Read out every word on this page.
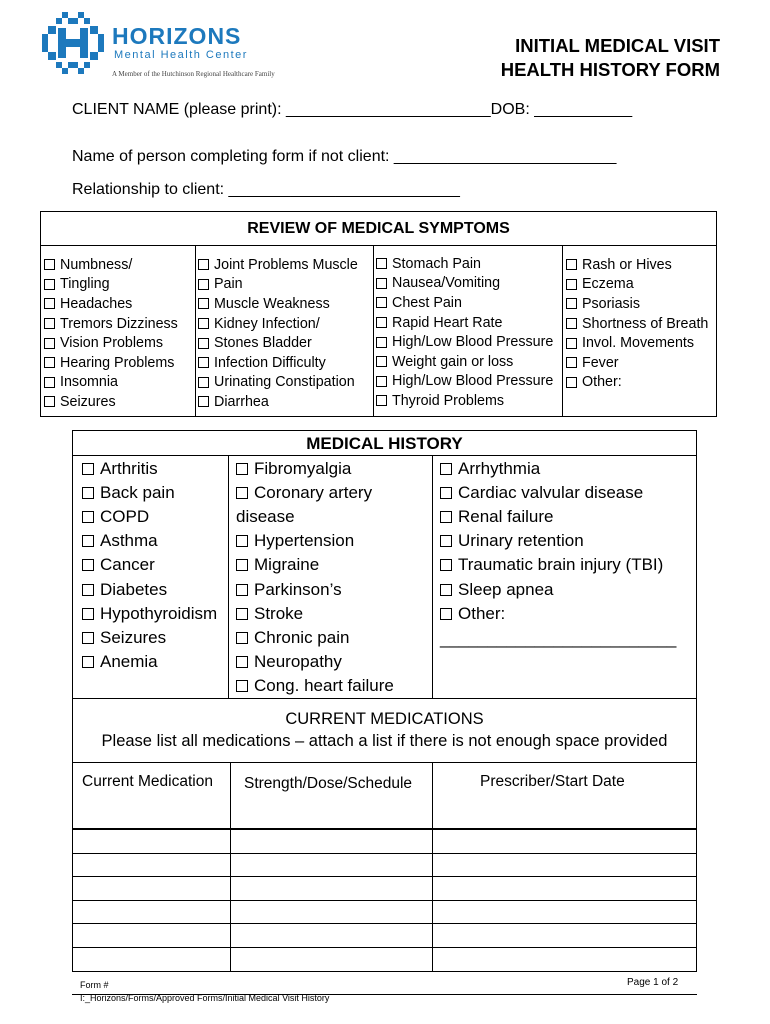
HORIZONS
Mental Health Center
A Member of the Hutchinson Regional Healthcare Family
INITIAL MEDICAL VISIT
HEALTH HISTORY FORM
CLIENT NAME (please print): _______________________DOB: ___________
Name of person completing form if not client: _________________________
Relationship to client: __________________________
REVIEW OF MEDICAL SYMPTOMS
Numbness/
Tingling
Headaches
Tremors Dizziness
Vision Problems
Hearing Problems
Insomnia
Seizures
Joint Problems Muscle
Pain
Muscle Weakness
Kidney Infection/
Stones Bladder
Infection Difficulty
Urinating Constipation
Diarrhea
Stomach Pain
Nausea/Vomiting
Chest Pain
Rapid Heart Rate
High/Low Blood Pressure
Weight gain or loss
High/Low Blood Pressure
Thyroid Problems
Rash or Hives
Eczema
Psoriasis
Shortness of Breath
Invol. Movements
Fever
Other:
MEDICAL HISTORY
Arthritis
Back pain
COPD
Asthma
Cancer
Diabetes
Hypothyroidism
Seizures
Anemia
Fibromyalgia
Coronary artery
disease
Hypertension
Migraine
Parkinson’s
Stroke
Chronic pain
Neuropathy
Cong. heart failure
Arrhythmia
Cardiac valvular disease
Renal failure
Urinary retention
Traumatic brain injury (TBI)
Sleep apnea
Other:
_________________________
CURRENT MEDICATIONS
Please list all medications – attach a list if there is not enough space provided
Current Medication Strength/Dose/Schedule	Prescriber/Start Date
Form #
I:_Horizons/Forms/Approved Forms/Initial Medical Visit History
Page 1 of 2
